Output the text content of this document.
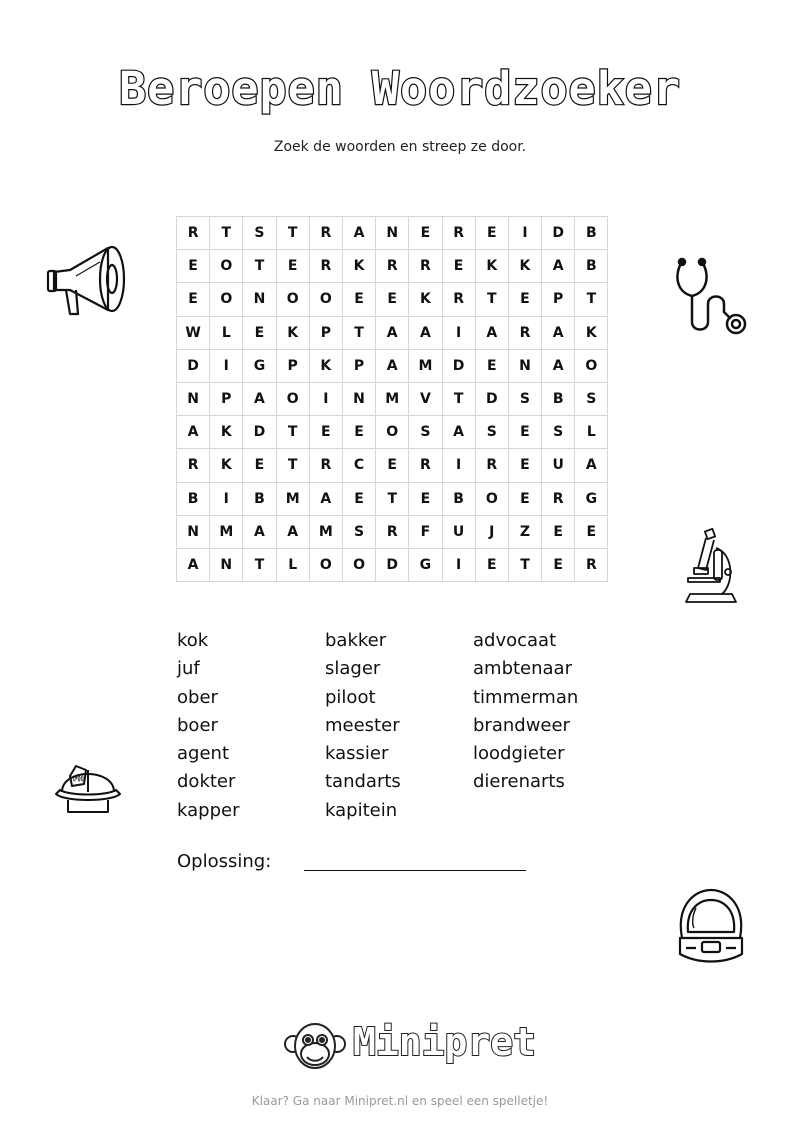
Beroepen Woordzoeker
Zoek de woorden en streep ze door.
R	T	S	T	R	A	N	E	R	E	I	D	B
E	O	T	E	R	K	R	R	E	K	K	A	B
E	O	N	O	O	E	E	K	R	T	E	P	T
W	L	E	K	P	T	A	A	I	A	R	A	K
D	I	G	P	K	P	A	M	D	E	N	A	O
N	P	A	O	I	N	M	V	T	D	S	B	S
A	K	D	T	E	E	O	S	A	S	E	S	L
R	K	E	T	R	C	E	R	I	R	E	U	A
B	I	B	M	A	E	T	E	B	O	E	R	G
N	M	A	A	M	S	R	F	U	J	Z	E	E
A	N	T	L	O	O	D	G	I	E	T	E	R
kok
juf
ober
boer
agent
dokter
kapper
bakker
slager
piloot
meester
kassier
tandarts
kapitein
advocaat
ambtenaar
timmerman
brandweer
loodgieter
dierenarts
Oplossing:
FH
Minipret
Klaar? Ga naar Minipret.nl en speel een spelletje!
